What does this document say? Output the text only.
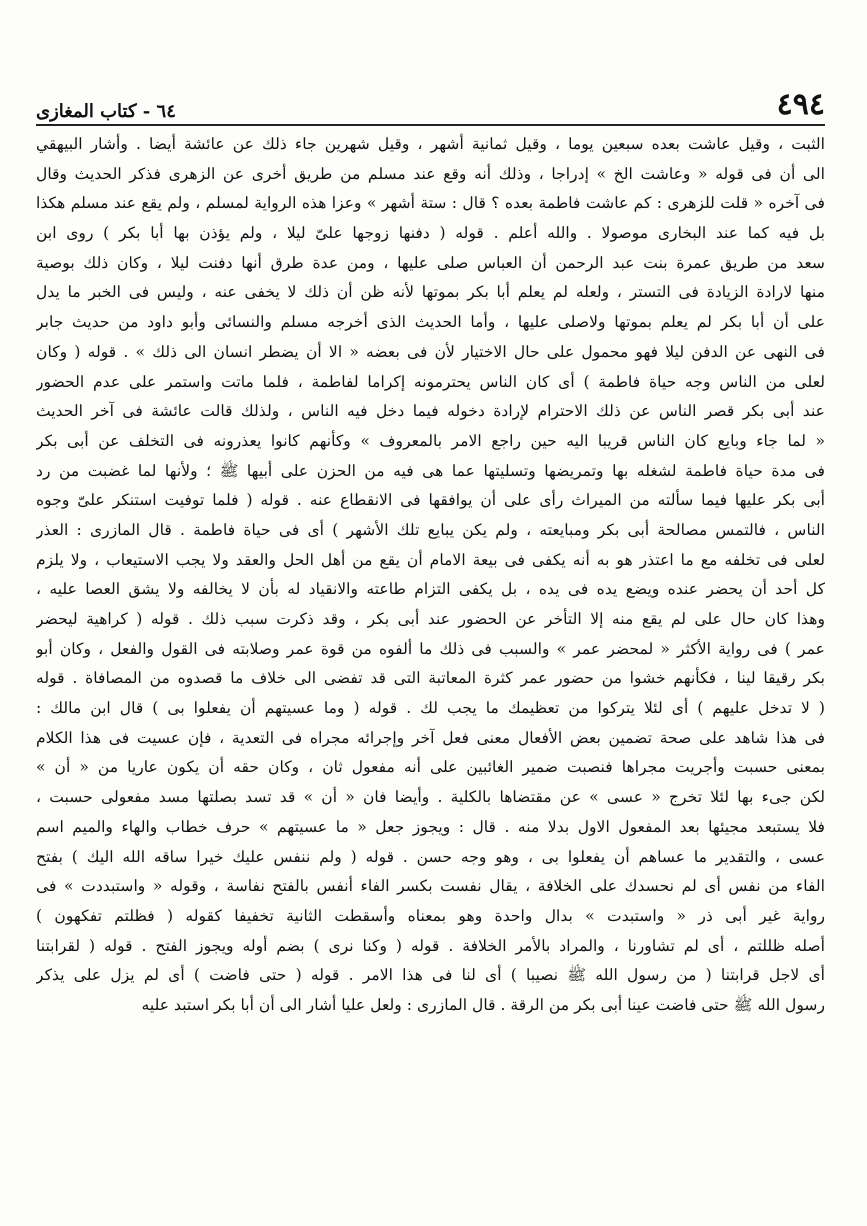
٤٩٤
٦٤ - كتاب المغازى
الثبت ، وقيل عاشت بعده سبعين يوما ، وقيل ثمانية أشهر ، وقيل شهرين جاء ذلك عن عائشة أيضا . وأشار البيهقي
الى أن فى قوله « وعاشت الخ » إدراجا ، وذلك أنه وقع عند مسلم من طريق أخرى عن الزهرى فذكر الحديث وقال
فى آخره « قلت للزهرى : كم عاشت فاطمة بعده ؟ قال : ستة أشهر » وعزا هذه الرواية لمسلم ، ولم يقع عند مسلم هكذا
بل فيه كما عند البخارى موصولا . والله أعلم . قوله ( دفنها زوجها علىّ ليلا ، ولم يؤذن بها أبا بكر ) روى ابن
سعد من طريق عمرة بنت عبد الرحمن أن العباس صلى عليها ، ومن عدة طرق أنها دفنت ليلا ، وكان ذلك بوصية
منها لارادة الزيادة فى التستر ، ولعله لم يعلم أبا بكر بموتها لأنه ظن أن ذلك لا يخفى عنه ، وليس فى الخبر ما يدل
على أن أبا بكر لم يعلم بموتها ولاصلى عليها ، وأما الحديث الذى أخرجه مسلم والنسائى وأبو داود من حديث جابر
فى النهى عن الدفن ليلا فهو محمول على حال الاختيار لأن فى بعضه « الا أن يضطر انسان الى ذلك » . قوله ( وكان
لعلى من الناس وجه حياة فاطمة ) أى كان الناس يحترمونه إكراما لفاطمة ، فلما ماتت واستمر على عدم الحضور
عند أبى بكر قصر الناس عن ذلك الاحترام لإرادة دخوله فيما دخل فيه الناس ، ولذلك قالت عائشة فى آخر الحديث
« لما جاء وبايع كان الناس قريبا اليه حين راجع الامر بالمعروف » وكأنهم كانوا يعذرونه فى التخلف عن أبى بكر
فى مدة حياة فاطمة لشغله بها وتمريضها وتسليتها عما هى فيه من الحزن على أبيها ﷺ ؛ ولأنها لما غضبت من رد
أبى بكر عليها فيما سألته من الميراث رأى على أن يوافقها فى الانقطاع عنه . قوله ( فلما توفيت استنكر علىّ وجوه
الناس ، فالتمس مصالحة أبى بكر ومبايعته ، ولم يكن يبايع تلك الأشهر ) أى فى حياة فاطمة . قال المازرى : العذر
لعلى فى تخلفه مع ما اعتذر هو به أنه يكفى فى بيعة الامام أن يقع من أهل الحل والعقد ولا يجب الاستيعاب ، ولا يلزم
كل أحد أن يحضر عنده ويضع يده فى يده ، بل يكفى التزام طاعته والانقياد له بأن لا يخالفه ولا يشق العصا عليه ،
وهذا كان حال على لم يقع منه إلا التأخر عن الحضور عند أبى بكر ، وقد ذكرت سبب ذلك . قوله ( كراهية ليحضر
عمر ) فى رواية الأكثر « لمحضر عمر » والسبب فى ذلك ما ألفوه من قوة عمر وصلابته فى القول والفعل ، وكان أبو
بكر رقيقا لينا ، فكأنهم خشوا من حضور عمر كثرة المعاتبة التى قد تفضى الى خلاف ما قصدوه من المصافاة . قوله
( لا تدخل عليهم ) أى لئلا يتركوا من تعظيمك ما يجب لك . قوله ( وما عسيتهم أن يفعلوا بى ) قال ابن مالك :
فى هذا شاهد على صحة تضمين بعض الأفعال معنى فعل آخر وإجرائه مجراه فى التعدية ، فإن عسيت فى هذا الكلام
بمعنى حسبت وأجريت مجراها فنصبت ضمير الغائبين على أنه مفعول ثان ، وكان حقه أن يكون عاريا من « أن »
لكن جىء بها لئلا تخرج « عسى » عن مقتضاها بالكلية . وأيضا فان « أن » قد تسد بصلتها مسد مفعولى حسبت ،
فلا يستبعد مجيئها بعد المفعول الاول بدلا منه . قال : ويجوز جعل « ما عسيتهم » حرف خطاب والهاء والميم اسم
عسى ، والتقدير ما عساهم أن يفعلوا بى ، وهو وجه حسن . قوله ( ولم ننفس عليك خيرا ساقه الله اليك ) بفتح
الفاء من نفس أى لم نحسدك على الخلافة ، يقال نفست بكسر الفاء أنفس بالفتح نفاسة ، وقوله « واستبددت » فى
رواية غير أبى ذر « واستبدت » بدال واحدة وهو بمعناه وأسقطت الثانية تخفيفا كقوله ( فظلتم تفكهون )
أصله ظللتم ، أى لم تشاورنا ، والمراد بالأمر الخلافة . قوله ( وكنا نرى ) بضم أوله ويجوز الفتح . قوله ( لقرابتنا
أى لاجل قرابتنا ( من رسول الله ﷺ نصيبا ) أى لنا فى هذا الامر . قوله ( حتى فاضت ) أى لم يزل على يذكر
رسول الله ﷺ حتى فاضت عينا أبى بكر من الرقة . قال المازرى : ولعل عليا أشار الى أن أبا بكر استبد عليه
